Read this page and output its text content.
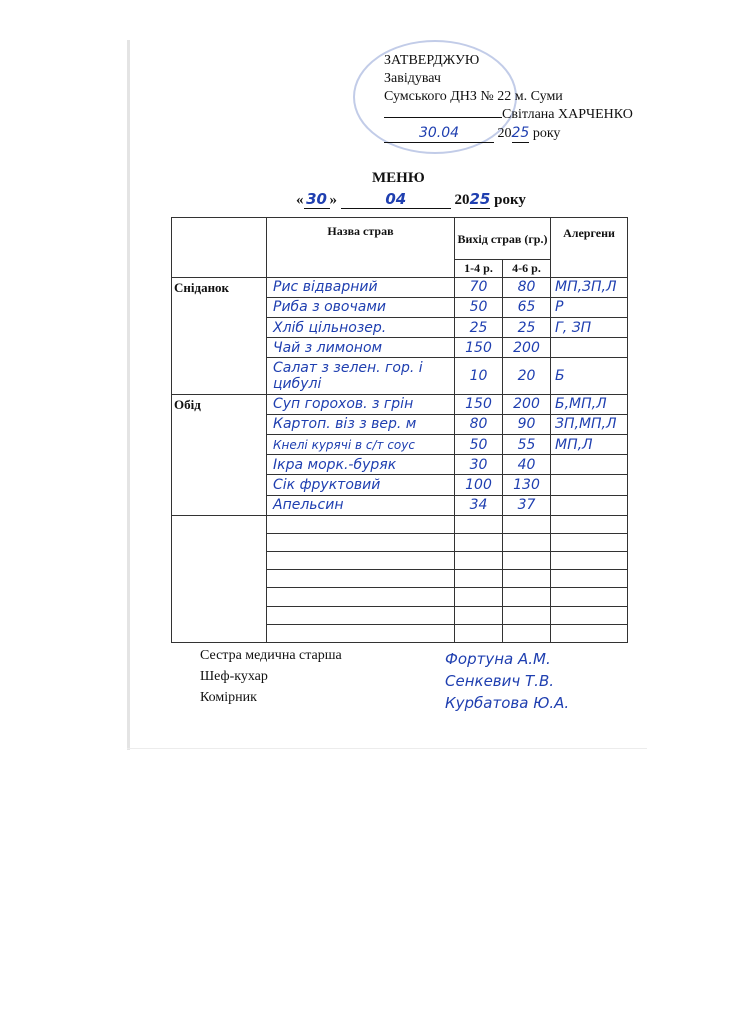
ЗАТВЕРДЖУЮ
Завідувач
Сумського ДНЗ № 22 м. Суми
Світлана ХАРЧЕНКО
30.04	2025 року
МЕНЮ
« 30 »	04	2025 року
	Назва страв	Вихід страв (гр.)		Алергени
		1-4 р.	4-6 р.	
Сніданок	Рис відварний	70	80	МП,ЗП,Л
	Риба з овочами	50	65	Р
	Хліб цільнозер.	25	25	Г, ЗП
	Чай з лимоном	150	200	
	Салат з зелен. гор. і цибулі	10	20	Б
Обід	Суп горохов. з грін	150	200	Б,МП,Л
	Картоп. віз з вер. м	80	90	ЗП,МП,Л
	Кнелі курячі в с/т соус	50	55	МП,Л
	Ікра морк.-буряк	30	40	
	Сік фруктовий	100	130	
	Апельсин	34	37	

Сестра медична старша
Шеф-кухар
Комірник
Фортуна А.М.
Сенкевич Т.В.
Курбатова Ю.А.
